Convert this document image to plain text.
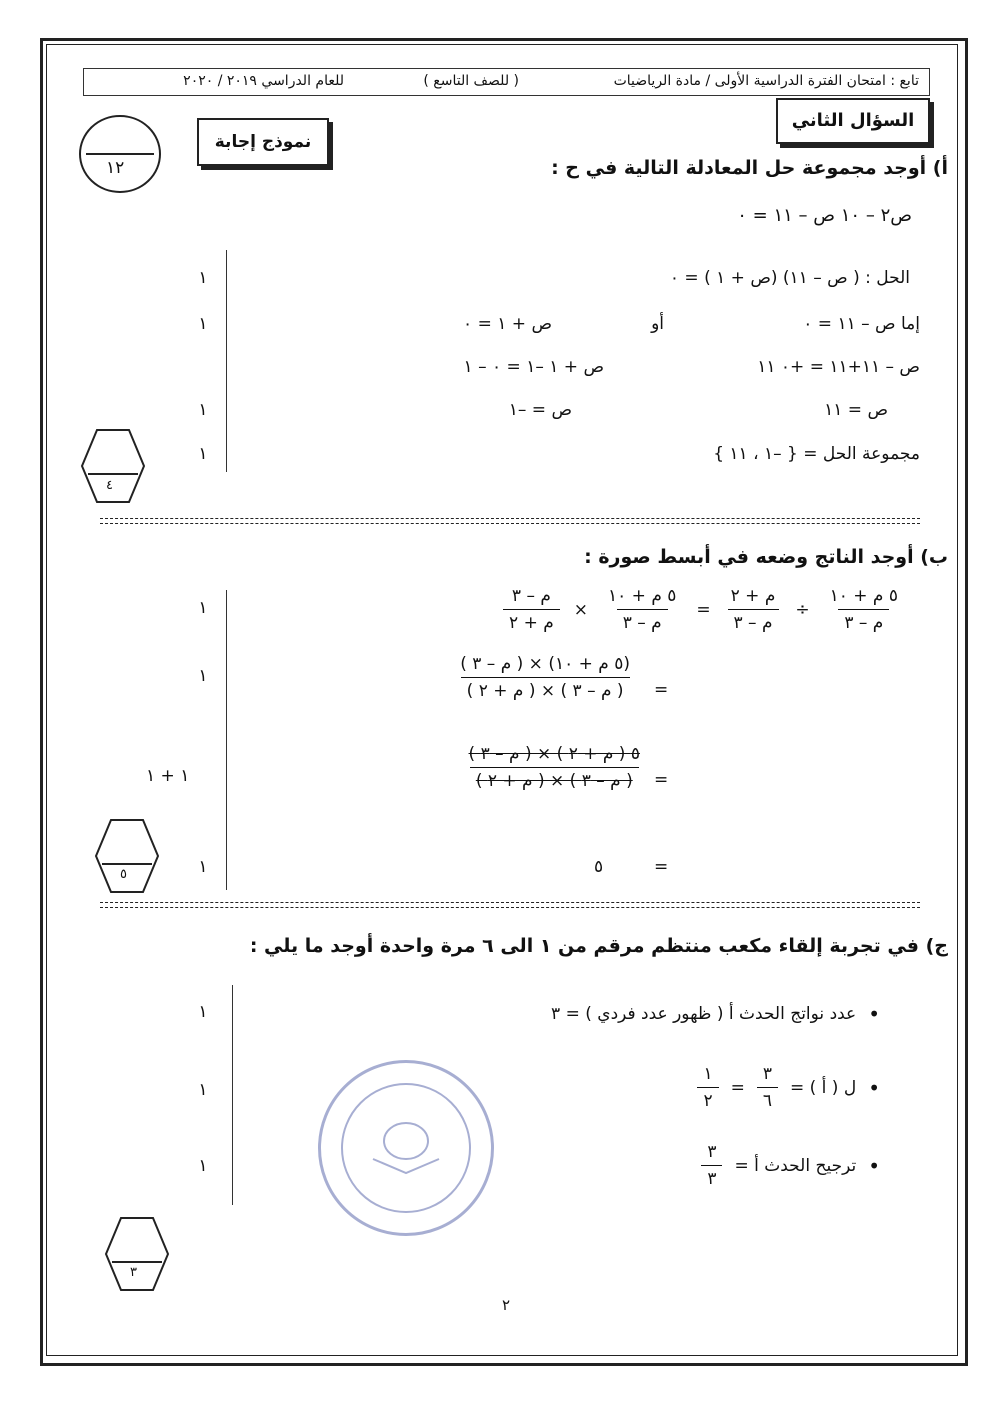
تابع : امتحان الفترة الدراسية الأولى / مادة الرياضيات
( للصف التاسع )
للعام الدراسي ٢٠١٩ / ٢٠٢٠
السؤال الثاني
نموذج إجابة
١٢	أ) أوجد مجموعة حل المعادلة التالية في ح :
ص٢ – ١٠ ص – ١١ = ٠
الحل : ( ص – ١١) (ص + ١ ) = ٠
إما ص – ١١ = ٠
أو
ص + ١ = ٠
ص – ١١+١١ = +٠ ١١
ص + ١ –١ = ٠ – ١
ص = ١١
ص = –١
مجموعة الحل = { –١ ، ١١ }
١
١
١
١
٤
ب) أوجد الناتج وضعه في أبسط صورة :
$\frac{\text{٥ م + ١٠}}{\text{م – ٣}}$
÷
$\frac{\text{م + ٢}}{\text{م – ٣}}$
=
$\frac{\text{٥ م + ١٠}}{\text{م – ٣}}$
×
$\frac{\text{م – ٣}}{\text{م + ٢}}$
=
$\frac{\text{(٥ م + ١٠) × ( م – ٣ )}}{\text{( م – ٣ ) × ( م + ٢ )}}$
=
$\frac{\text{٥ ( م + ٢ ) × ( م – ٣ )}}{\text{( م – ٣ ) × ( م + ٢ )}}$
=
٥
١
١
١ + ١
١
٥
ج) في تجربة إلقاء مكعب منتظم مرقم من ١ الى ٦ مرة واحدة أوجد ما يلي :
•
عدد نواتج الحدث أ ( ظهور عدد فردي ) = ٣
•
ل ( أ ) =
$\frac{٣}{٦}$
=
$\frac{١}{٢}$
•
ترجيح الحدث أ =
$\frac{٣}{٣}$
١
١
١
٣
٢
